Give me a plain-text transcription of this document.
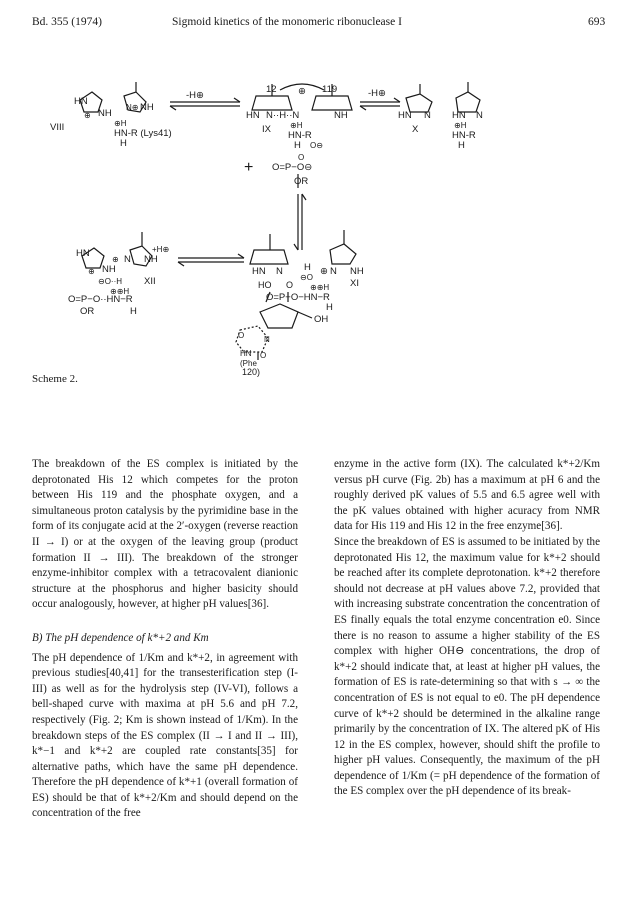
Bd. 355 (1974)	Sigmoid kinetics of the monomeric ribonuclease I	693
HN
⊕ NH
N⊕ NH
VIII	⊕H
HN-R (Lys41)
H
-H⊕
HN N··H··N	NH
12	119
⊕
IX ⊕H
HN-R
H
-H⊕
HN N HN N
X	⊕H
HN-R
H
O⊖
+ O=P−O⊖
O
OR
HN
⊕ NH
⊕ N NH
+H⊕
⊖O··H XII
⊕⊕H
O=P−O··HN−R
OR	H
HN N	⊕ N NH
H
⊖O
XI
⊕⊕H
O=P−O−HN−R
H
HO O
OH
O N
HN O
(Phe
120)
Scheme 2.

The breakdown of the ES complex is initiated by the deprotonated His 12 which competes for the proton between His 119 and the phosphate oxygen, and a simultaneous proton catalysis by the pyrimidine base in the form of its conjugate acid at the 2′-oxygen (reverse reaction II → I) or at the oxygen of the leaving group (product formation II → III). The breakdown of the stronger enzyme-inhibitor complex with a tetracovalent dianionic structure at the phosphorus and higher basicity should occur analogously, however, at higher pH values[36].

B) The pH dependence of k*+2 and Km

The pH dependence of 1/Km and k*+2, in agreement with previous studies[40,41] for the transesterification step (I-III) as well as for the hydrolysis step (IV-VI), follows a bell-shaped curve with maxima at pH 5.6 and pH 7.2, respectively (Fig. 2; Km is shown instead of 1/Km). In the breakdown steps of the ES complex (II → I and II → III), k*−1 and k*+2 are coupled rate constants[35] for alternative paths, which have the same pH dependence. Therefore the pH dependence of k*+1 (overall formation of ES) should be that of k*+2/Km and should depend on the concentration of the free

enzyme in the active form (IX). The calculated k*+2/Km versus pH curve (Fig. 2b) has a maximum at pH 6 and the roughly derived pK values of 5.5 and 6.5 agree well with the pK values obtained with higher acuracy from NMR data for His 119 and His 12 in the free enzyme[36].

Since the breakdown of ES is assumed to be initiated by the deprotonated His 12, the maximum value for k*+2 should be reached after its complete deprotonation. k*+2 therefore should not decrease at pH values above 7.2, provided that with increasing substrate concentration the concentration of ES finally equals the total enzyme concentration e0. Since there is no reason to assume a higher stability of the ES complex with higher OH⊖ concentrations, the drop of k*+2 should indicate that, at least at higher pH values, the formation of ES is rate-determining so that with s → ∞ the concentration of ES is not equal to e0. The pH dependence curve of k*+2 should be determined in the alkaline range primarily by the concentration of IX. The altered pK of His 12 in the ES complex, however, should shift the profile to higher pH values. Consequently, the maximum of the pH dependence of 1/Km (= pH dependence of the formation of the ES complex over the pH dependence of its break-
